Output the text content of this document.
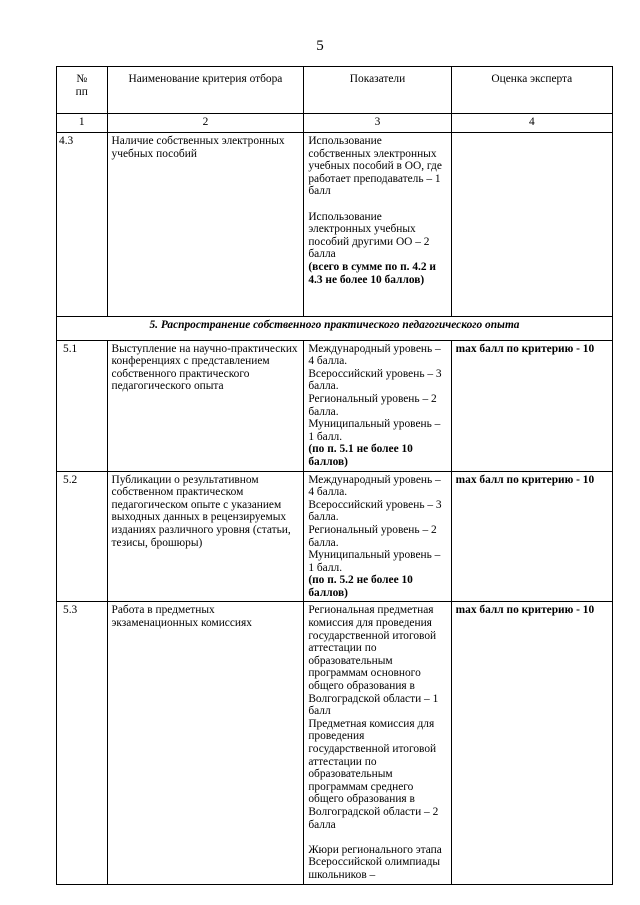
5
№
пп	Наименование критерия отбора	Показатели	Оценка эксперта
1	2	3	4
4.3	Наличие собственных электронных учебных пособий	Использование собственных электронных учебных пособий в ОО, где работает преподаватель – 1 балл
Использование электронных учебных пособий другими ОО – 2 балла
(всего в сумме по п. 4.2 и 4.3 не более 10 баллов)	
5. Распространение собственного практического педагогического опыта			
5.1	Выступление на научно-практических конференциях с представлением собственного практического педагогического опыта	Международный уровень – 4 балла.
Всероссийский уровень – 3 балла.
Региональный уровень – 2 балла.
Муниципальный уровень – 1 балл.
(по п. 5.1 не более 10 баллов)	max балл по критерию - 10
5.2	Публикации о результативном собственном практическом педагогическом опыте с указанием выходных данных в рецензируемых изданиях различного уровня (статьи, тезисы, брошюры)	Международный уровень – 4 балла.
Всероссийский уровень – 3 балла.
Региональный уровень – 2 балла.
Муниципальный уровень – 1 балл.
(по п. 5.2 не более 10 баллов)	max балл по критерию - 10
5.3	Работа в предметных экзаменационных комиссиях	Региональная предметная комиссия для проведения государственной итоговой аттестации по образовательным программам основного общего образования в Волгоградской области – 1 балл
Предметная комиссия для проведения государственной итоговой аттестации по образовательным программам среднего общего образования в Волгоградской области – 2 балла
Жюри регионального этапа Всероссийской олимпиады школьников –	max балл по критерию - 10
